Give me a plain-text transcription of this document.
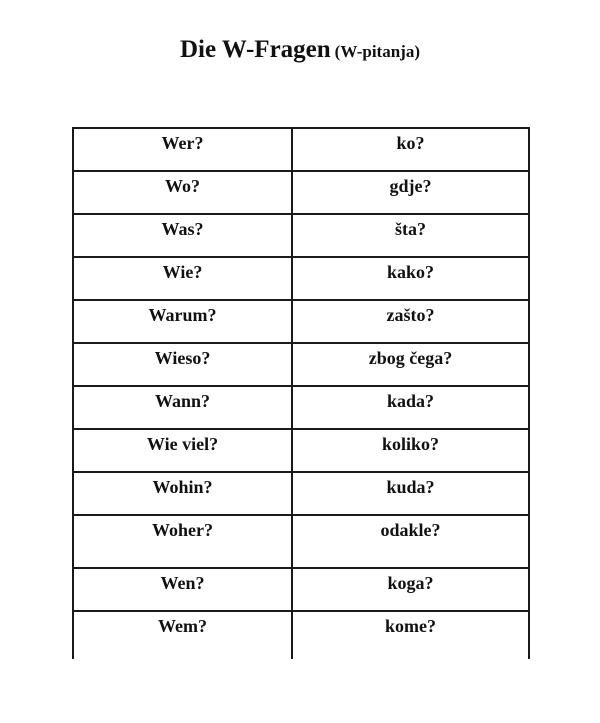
Die W-Fragen (W-pitanja)
Wer?	ko?
Wo?	gdje?
Was?	šta?
Wie?	kako?
Warum?	zašto?
Wieso?	zbog čega?
Wann?	kada?
Wie viel?	koliko?
Wohin?	kuda?
Woher?	odakle?
Wen?	koga?
Wem?	kome?
